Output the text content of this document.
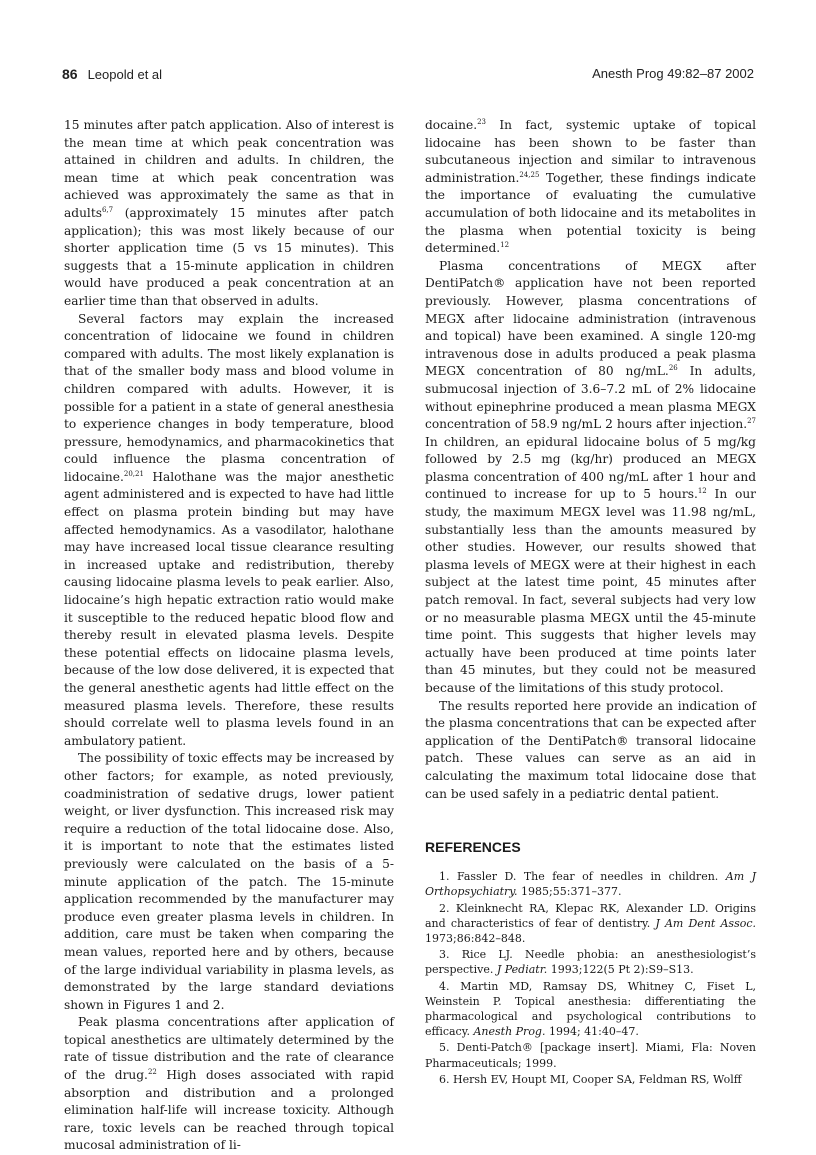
86 Leopold et al	Anesth Prog 49:82–87 2002

15 minutes after patch application. Also of interest is the mean time at which peak concentration was attained in children and adults. In children, the mean time at which peak concentration was achieved was approximately the same as that in adults$^{6,7}$ (approximately 15 minutes after patch application); this was most likely because of our shorter application time (5 vs 15 minutes). This suggests that a 15-minute application in children would have produced a peak concentration at an earlier time than that observed in adults.

Several factors may explain the increased concentration of lidocaine we found in children compared with adults. The most likely explanation is that of the smaller body mass and blood volume in children compared with adults. However, it is possible for a patient in a state of general anesthesia to experience changes in body temperature, blood pressure, hemodynamics, and pharmacokinetics that could influence the plasma concentration of lidocaine.$^{20,21}$ Halothane was the major anesthetic agent administered and is expected to have had little effect on plasma protein binding but may have affected hemodynamics. As a vasodilator, halothane may have increased local tissue clearance resulting in increased uptake and redistribution, thereby causing lidocaine plasma levels to peak earlier. Also, lidocaine’s high hepatic extraction ratio would make it susceptible to the reduced hepatic blood flow and thereby result in elevated plasma levels. Despite these potential effects on lidocaine plasma levels, because of the low dose delivered, it is expected that the general anesthetic agents had little effect on the measured plasma levels. Therefore, these results should correlate well to plasma levels found in an ambulatory patient.

The possibility of toxic effects may be increased by other factors; for example, as noted previously, coadministration of sedative drugs, lower patient weight, or liver dysfunction. This increased risk may require a reduction of the total lidocaine dose. Also, it is important to note that the estimates listed previously were calculated on the basis of a 5-minute application of the patch. The 15-minute application recommended by the manufacturer may produce even greater plasma levels in children. In addition, care must be taken when comparing the mean values, reported here and by others, because of the large individual variability in plasma levels, as demonstrated by the large standard deviations shown in Figures 1 and 2.

Peak plasma concentrations after application of topical anesthetics are ultimately determined by the rate of tissue distribution and the rate of clearance of the drug.$^{22}$ High doses associated with rapid absorption and distribution and a prolonged elimination half-life will increase toxicity. Although rare, toxic levels can be reached through topical mucosal administration of li-

docaine.$^{23}$ In fact, systemic uptake of topical lidocaine has been shown to be faster than subcutaneous injection and similar to intravenous administration.$^{24,25}$ Together, these findings indicate the importance of evaluating the cumulative accumulation of both lidocaine and its metabolites in the plasma when potential toxicity is being determined.$^{12}$

Plasma concentrations of MEGX after DentiPatch® application have not been reported previously. However, plasma concentrations of MEGX after lidocaine administration (intravenous and topical) have been examined. A single 120-mg intravenous dose in adults produced a peak plasma MEGX concentration of 80 ng/mL.$^{26}$ In adults, submucosal injection of 3.6–7.2 mL of 2% lidocaine without epinephrine produced a mean plasma MEGX concentration of 58.9 ng/mL 2 hours after injection.$^{27}$ In children, an epidural lidocaine bolus of 5 mg/kg followed by 2.5 mg (kg/hr) produced an MEGX plasma concentration of 400 ng/mL after 1 hour and continued to increase for up to 5 hours.$^{12}$ In our study, the maximum MEGX level was 11.98 ng/mL, substantially less than the amounts measured by other studies. However, our results showed that plasma levels of MEGX were at their highest in each subject at the latest time point, 45 minutes after patch removal. In fact, several subjects had very low or no measurable plasma MEGX until the 45-minute time point. This suggests that higher levels may actually have been produced at time points later than 45 minutes, but they could not be measured because of the limitations of this study protocol.

The results reported here provide an indication of the plasma concentrations that can be expected after application of the DentiPatch® transoral lidocaine patch. These values can serve as an aid in calculating the maximum total lidocaine dose that can be used safely in a pediatric dental patient.

REFERENCES
1. Fassler D. The fear of needles in children. Am J Orthopsychiatry. 1985;55:371–377.
2. Kleinknecht RA, Klepac RK, Alexander LD. Origins and characteristics of fear of dentistry. J Am Dent Assoc. 1973;86:842–848.
3. Rice LJ. Needle phobia: an anesthesiologist’s perspective. J Pediatr. 1993;122(5 Pt 2):S9–S13.
4. Martin MD, Ramsay DS, Whitney C, Fiset L, Weinstein P. Topical anesthesia: differentiating the pharmacological and psychological contributions to efficacy. Anesth Prog. 1994; 41:40–47.
5. Denti-Patch® [package insert]. Miami, Fla: Noven Pharmaceuticals; 1999.
6. Hersh EV, Houpt MI, Cooper SA, Feldman RS, Wolff
